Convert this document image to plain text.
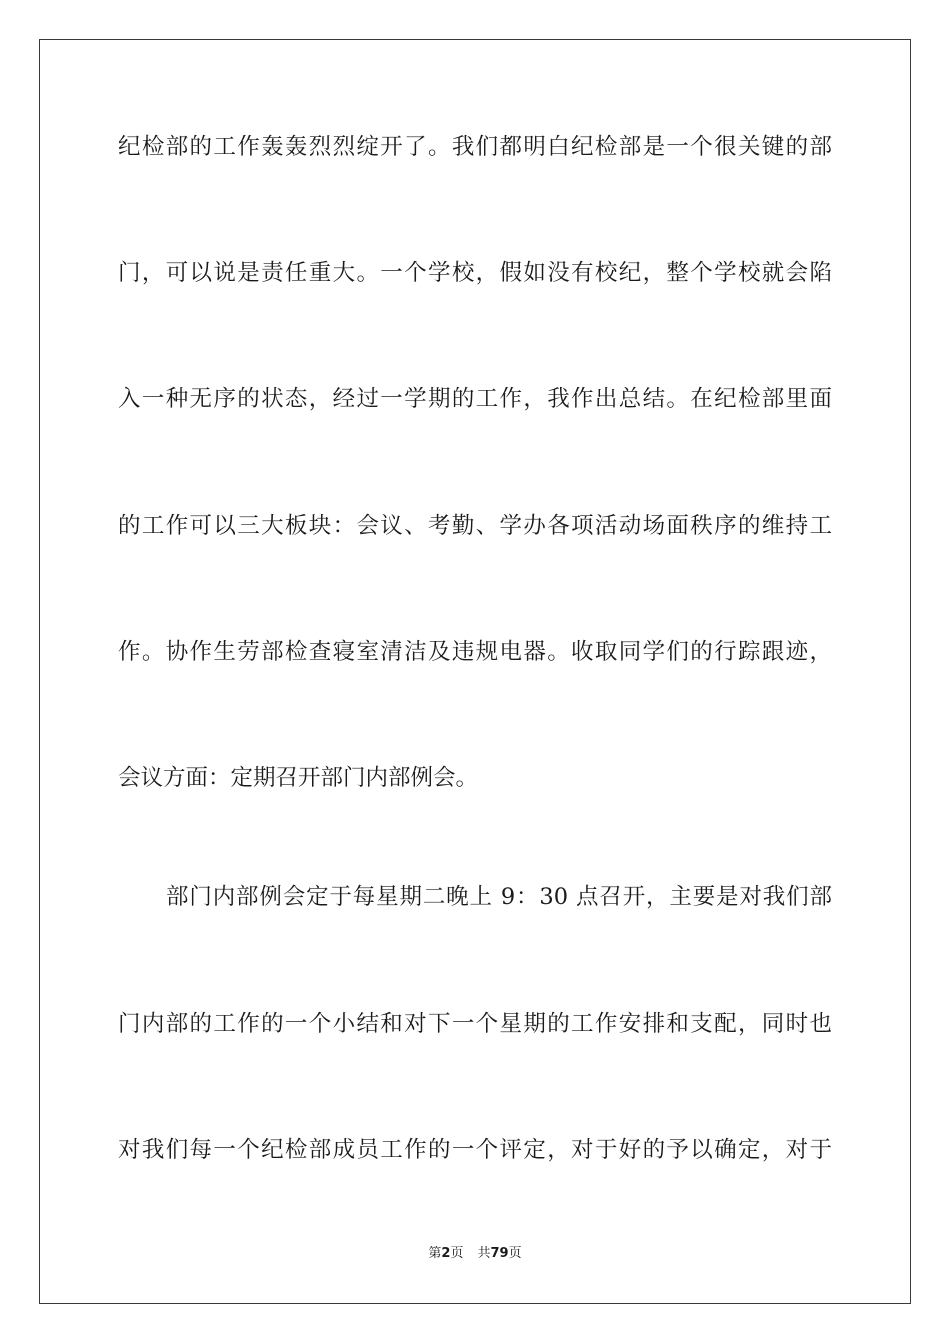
纪检部的工作轰轰烈烈绽开了。我们都明白纪检部是一个很关键的部
门，可以说是责任重大。一个学校，假如没有校纪，整个学校就会陷
入一种无序的状态，经过一学期的工作，我作出总结。在纪检部里面
的工作可以三大板块：会议、考勤、学办各项活动场面秩序的维持工
作。协作生劳部检查寝室清洁及违规电器。收取同学们的行踪跟迹，
会议方面：定期召开部门内部例会。
部门内部例会定于每星期二晚上 9：30 点召开，主要是对我们部
门内部的工作的一个小结和对下一个星期的工作安排和支配，同时也
对我们每一个纪检部成员工作的一个评定，对于好的予以确定，对于
第2页 共79页
